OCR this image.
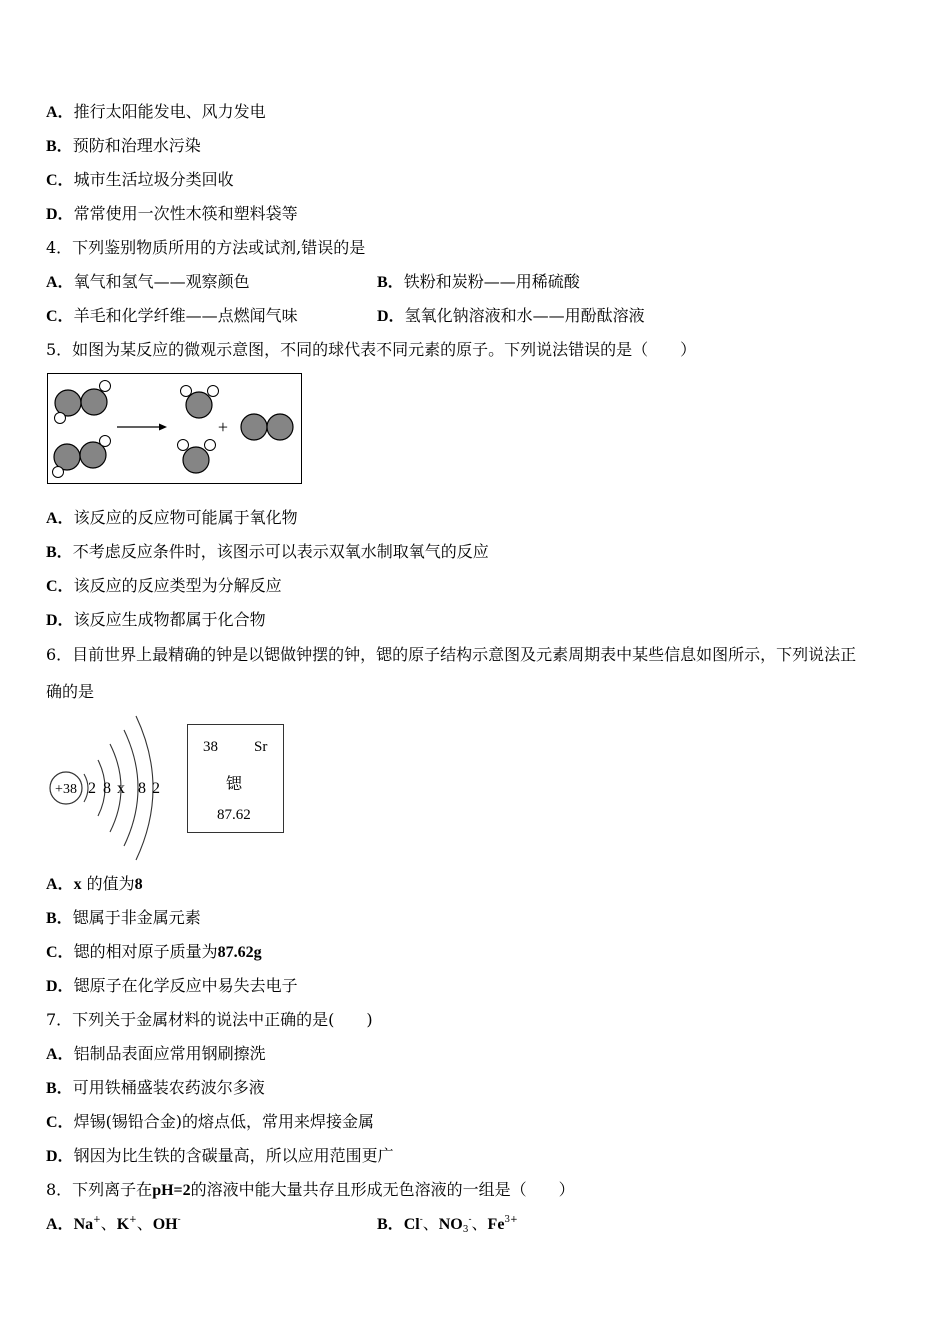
A．推行太阳能发电、风力发电
B．预防和治理水污染
C．城市生活垃圾分类回收
D．常常使用一次性木筷和塑料袋等
4．下列鉴别物质所用的方法或试剂,错误的是
A．氧气和氢气——观察颜色	B．铁粉和炭粉——用稀硫酸
C．羊毛和化学纤维——点燃闻气味	D．氢氧化钠溶液和水——用酚酞溶液
5．如图为某反应的微观示意图，不同的球代表不同元素的原子。下列说法错误的是（　　）
+
A．该反应的反应物可能属于氧化物
B．不考虑反应条件时，该图示可以表示双氧水制取氧气的反应
C．该反应的反应类型为分解反应
D．该反应生成物都属于化合物
6．目前世界上最精确的钟是以锶做钟摆的钟，锶的原子结构示意图及元素周期表中某些信息如图所示，下列说法正
确的是
+38 2 8 x 8 2
38 Sr
锶
87.62
A．x 的值为8
B．锶属于非金属元素
C．锶的相对原子质量为87.62g
D．锶原子在化学反应中易失去电子
7．下列关于金属材料的说法中正确的是(　　)
A．铝制品表面应常用钢刷擦洗
B．可用铁桶盛装农药波尔多液
C．焊锡(锡铅合金)的熔点低，常用来焊接金属
D．钢因为比生铁的含碳量高，所以应用范围更广
8．下列离子在pH=2的溶液中能大量共存且形成无色溶液的一组是（　　）
A．Na+、K+、OH-	B．Cl-、$NO_3^-$、$Fe^{3+}$
